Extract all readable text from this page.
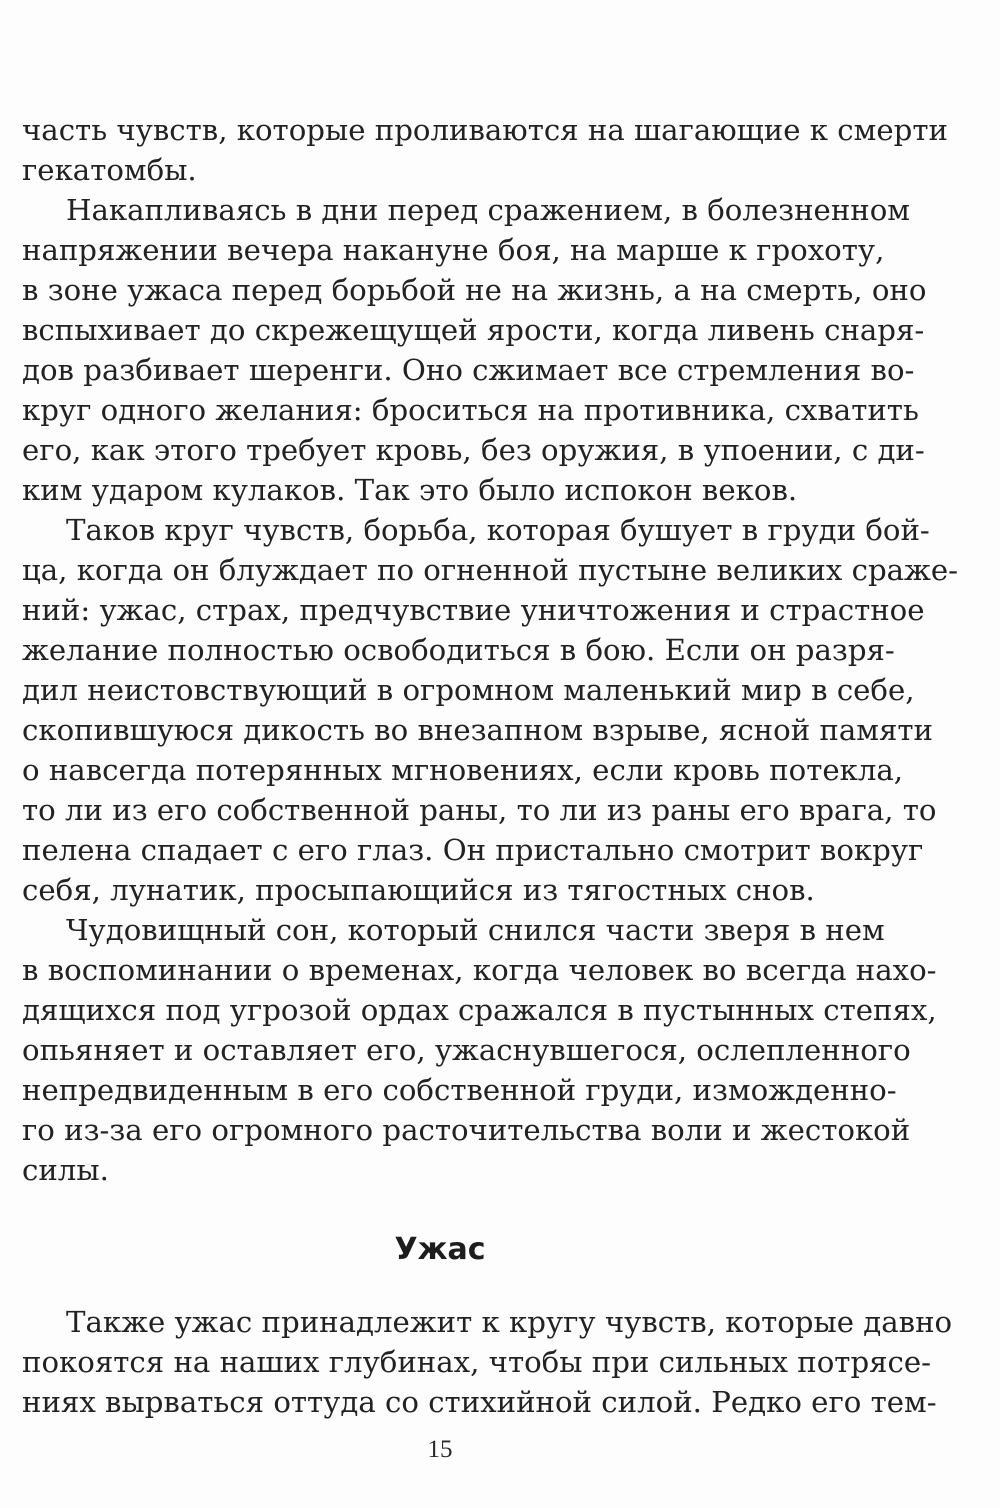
часть чувств, которые проливаются на шагающие к смерти
гекатомбы.
Накапливаясь в дни перед сражением, в болезненном
напряжении вечера накануне боя, на марше к грохоту,
в зоне ужаса перед борьбой не на жизнь, а на смерть, оно
вспыхивает до скрежещущей ярости, когда ливень снаря-
дов разбивает шеренги. Оно сжимает все стремления во-
круг одного желания: броситься на противника, схватить
его, как этого требует кровь, без оружия, в упоении, с ди-
ким ударом кулаков. Так это было испокон веков.
Таков круг чувств, борьба, которая бушует в груди бой-
ца, когда он блуждает по огненной пустыне великих сраже-
ний: ужас, страх, предчувствие уничтожения и страстное
желание полностью освободиться в бою. Если он разря-
дил неистовствующий в огромном маленький мир в себе,
скопившуюся дикость во внезапном взрыве, ясной памяти
о навсегда потерянных мгновениях, если кровь потекла,
то ли из его собственной раны, то ли из раны его врага, то
пелена спадает с его глаз. Он пристально смотрит вокруг
себя, лунатик, просыпающийся из тягостных снов.
Чудовищный сон, который снился части зверя в нем
в воспоминании о временах, когда человек во всегда нахо-
дящихся под угрозой ордах сражался в пустынных степях,
опьяняет и оставляет его, ужаснувшегося, ослепленного
непредвиденным в его собственной груди, изможденно-
го из-за его огромного расточительства воли и жестокой
силы.
Ужас
Также ужас принадлежит к кругу чувств, которые давно
покоятся на наших глубинах, чтобы при сильных потрясе-
ниях вырваться оттуда со стихийной силой. Редко его тем-
15
